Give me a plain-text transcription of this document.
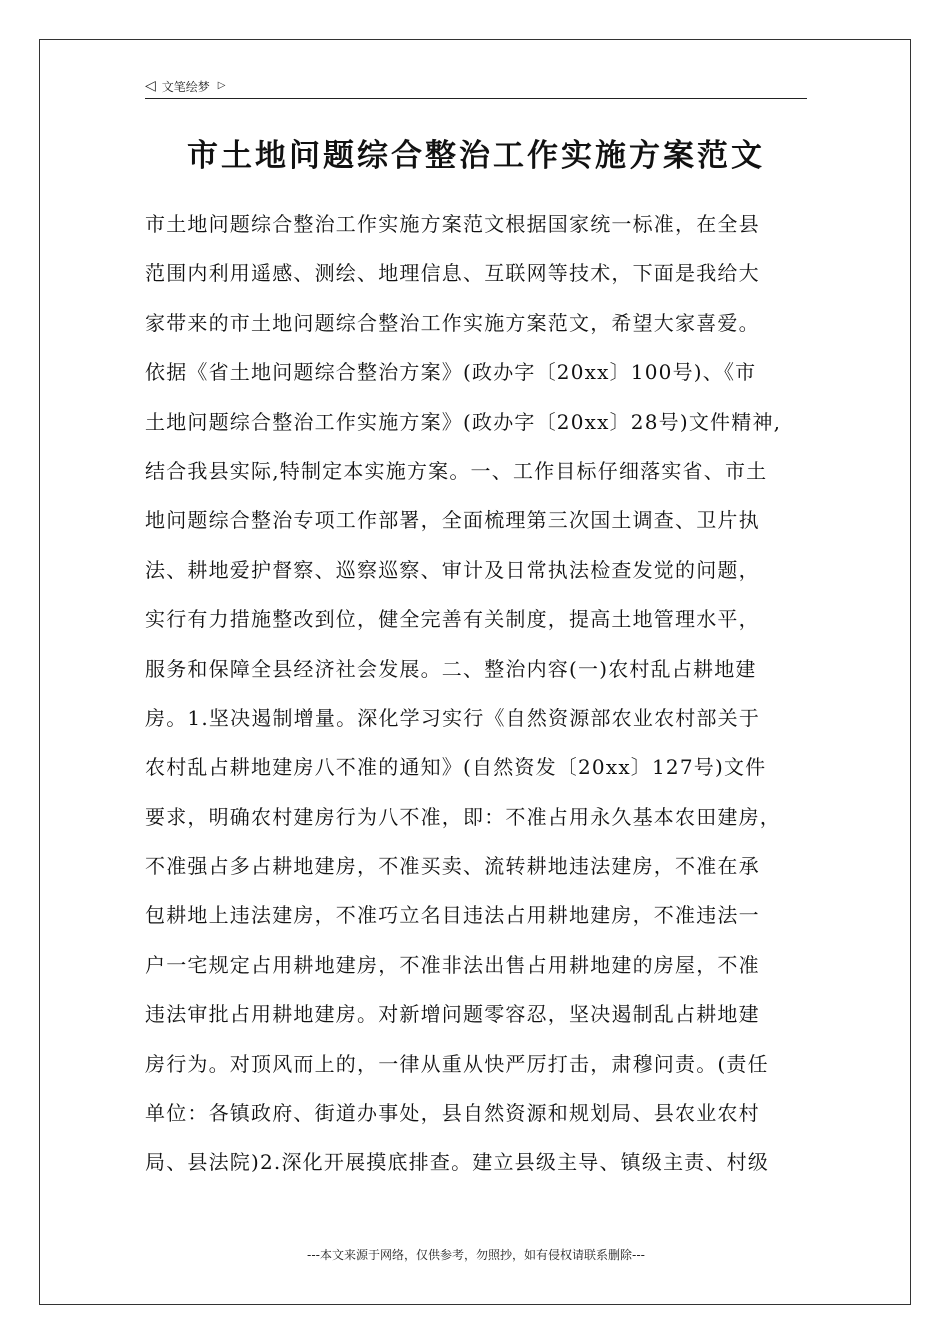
◁ 文笔绘梦 ▷
市土地问题综合整治工作实施方案范文
市土地问题综合整治工作实施方案范文根据国家统一标准，在全县
范围内利用遥感、测绘、地理信息、互联网等技术，下面是我给大
家带来的市土地问题综合整治工作实施方案范文，希望大家喜爱。
依据《省土地问题综合整治方案》(政办字〔20xx〕100号)、《市
土地问题综合整治工作实施方案》(政办字〔20xx〕28号)文件精神,
结合我县实际,特制定本实施方案。一、工作目标仔细落实省、市土
地问题综合整治专项工作部署，全面梳理第三次国土调查、卫片执
法、耕地爱护督察、巡察巡察、审计及日常执法检查发觉的问题，
实行有力措施整改到位，健全完善有关制度，提高土地管理水平，
服务和保障全县经济社会发展。二、整治内容(一)农村乱占耕地建
房。1.坚决遏制增量。深化学习实行《自然资源部农业农村部关于
农村乱占耕地建房八不准的通知》(自然资发〔20xx〕127号)文件
要求，明确农村建房行为八不准，即：不准占用永久基本农田建房，
不准强占多占耕地建房，不准买卖、流转耕地违法建房，不准在承
包耕地上违法建房，不准巧立名目违法占用耕地建房，不准违法一
户一宅规定占用耕地建房，不准非法出售占用耕地建的房屋，不准
违法审批占用耕地建房。对新增问题零容忍，坚决遏制乱占耕地建
房行为。对顶风而上的，一律从重从快严厉打击，肃穆问责。(责任
单位：各镇政府、街道办事处，县自然资源和规划局、县农业农村
局、县法院)2.深化开展摸底排查。建立县级主导、镇级主责、村级
---本文来源于网络，仅供参考，勿照抄，如有侵权请联系删除---
